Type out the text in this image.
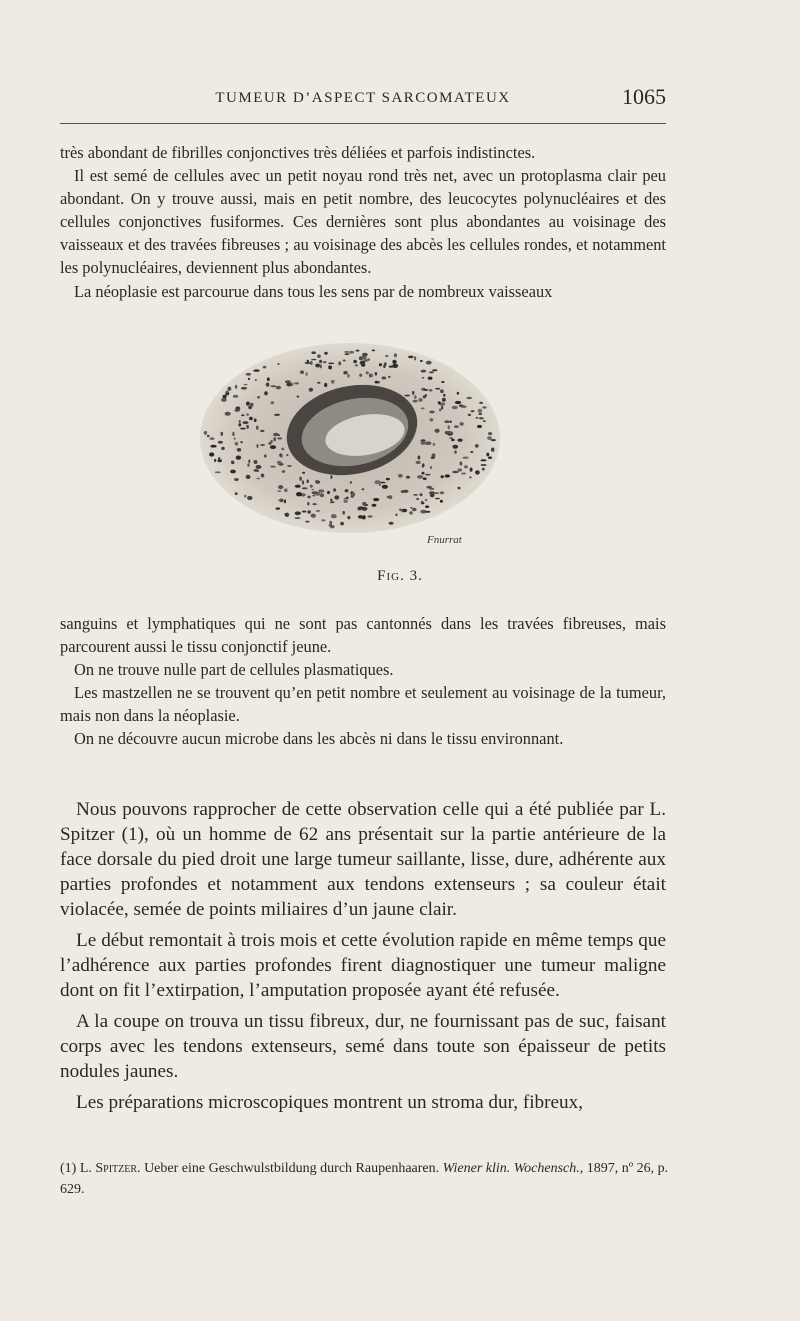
TUMEUR D’ASPECT SARCOMATEUX	1065

très abondant de fibrilles conjonctives très déliées et parfois indistinctes.

Il est semé de cellules avec un petit noyau rond très net, avec un protoplasma clair peu abondant. On y trouve aussi, mais en petit nombre, des leucocytes polynucléaires et des cellules conjonctives fusiformes. Ces dernières sont plus abondantes au voisinage des vaisseaux et des travées fibreuses ; au voisinage des abcès les cellules rondes, et notamment les polynucléaires, deviennent plus abondantes.

La néoplasie est parcourue dans tous les sens par de nombreux vaisseaux

Fnurrat
Fig. 3.

sanguins et lymphatiques qui ne sont pas cantonnés dans les travées fibreuses, mais parcourent aussi le tissu conjonctif jeune.

On ne trouve nulle part de cellules plasmatiques.

Les mastzellen ne se trouvent qu’en petit nombre et seulement au voisinage de la tumeur, mais non dans la néoplasie.

On ne découvre aucun microbe dans les abcès ni dans le tissu environnant.

Nous pouvons rapprocher de cette observation celle qui a été publiée par L. Spitzer (1), où un homme de 62 ans présentait sur la partie antérieure de la face dorsale du pied droit une large tumeur saillante, lisse, dure, adhérente aux parties profondes et notamment aux tendons extenseurs ; sa couleur était violacée, semée de points miliaires d’un jaune clair.

Le début remontait à trois mois et cette évolution rapide en même temps que l’adhérence aux parties profondes firent diagnostiquer une tumeur maligne dont on fit l’extirpation, l’amputation proposée ayant été refusée.

A la coupe on trouva un tissu fibreux, dur, ne fournissant pas de suc, faisant corps avec les tendons extenseurs, semé dans toute son épaisseur de petits nodules jaunes.

Les préparations microscopiques montrent un stroma dur, fibreux,

(1) L. Spitzer. Ueber eine Geschwulstbildung durch Raupenhaaren. Wiener klin. Wochensch., 1897, nº 26, p. 629.
